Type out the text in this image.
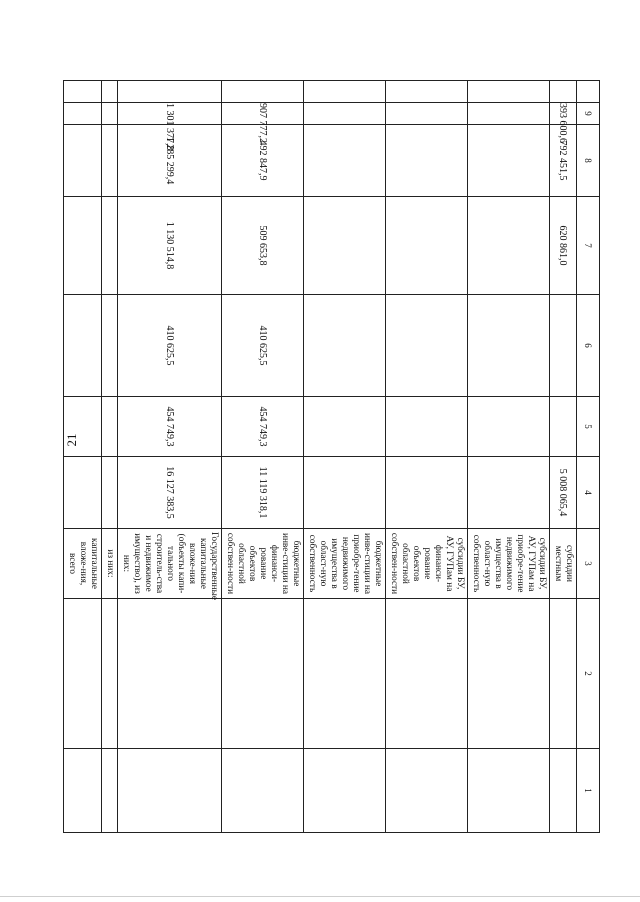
21
	9	8	7	6	5	4	3	2	1
	393 600,6	792 451,5	620 861,0			5 008 065,4	субсидии местным		
							субсидии БУ, АУ, ГУПам на приобре-тение недвижимого имущества в област-ную собственность		
							субсидии БУ, АУ, ГУПам на финанси-рование объектов областной собствен-ности		
							бюджетные инве-стиции на приобре-тение недвижимого имущества в област-ную собственность		
	907 777,2	492 847,9	509 653,8	410 625,5	454 749,3	11 119 318,1	бюджетные инве-стиции на финанси-рование объектов областной собствен-ности		
	1 301 377,8	1 285 299,4	1 130 514,8	410 625,5	454 749,3	16 127 383,5	Государственные капитальные вложе-ния (объекты капи-тального строитель-ства и недвижимое имущество), из них:		
							из них:		
							капитальные вложе-ния, всего		
